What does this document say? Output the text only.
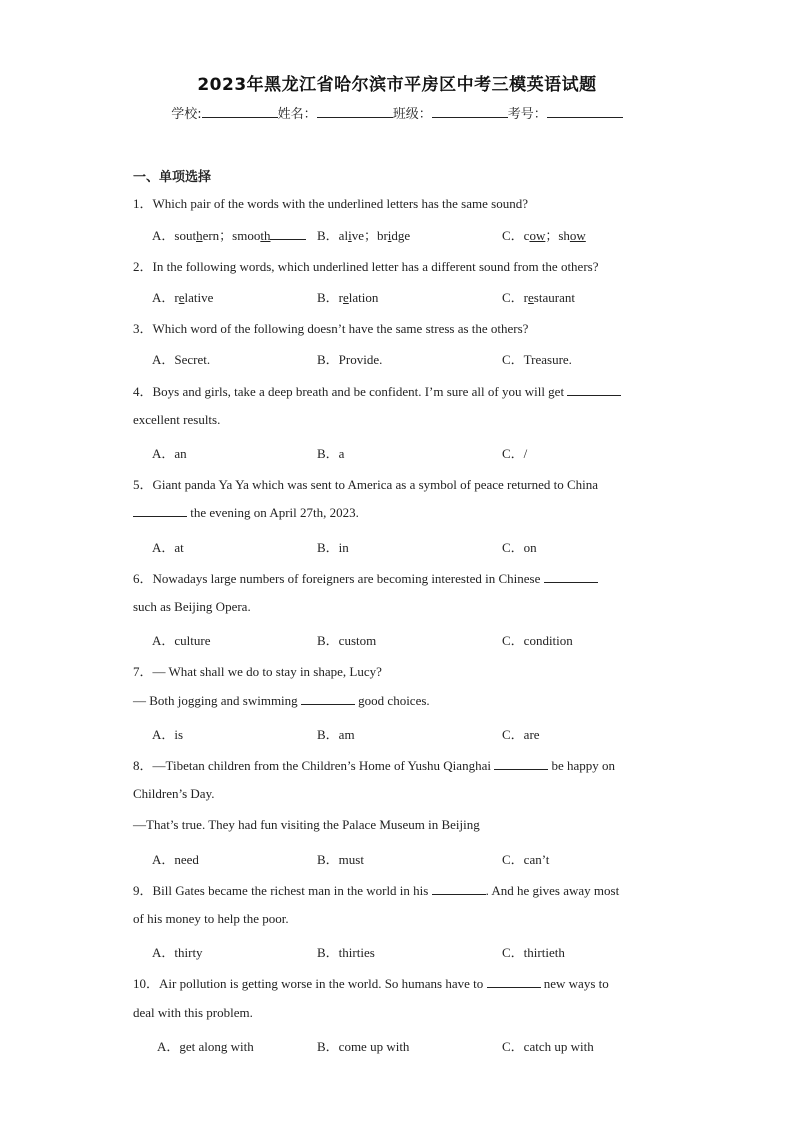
2023年黑龙江省哈尔滨市平房区中考三模英语试题
学校:	姓名：	班级：	考号：
一、单项选择
1．Which pair of the words with the underlined letters has the same sound?
A．southern；smooth	B．alive；bridge	C．cow；show
2．In the following words, which underlined letter has a different sound from the others?
A．relative	B．relation	C．restaurant
3．Which word of the following doesn’t have the same stress as the others?
A．Secret.	B．Provide.	C．Treasure.
4．Boys and girls, take a deep breath and be confident. I’m sure all of you will get
excellent results.
A．an	B．a	C．/
5．Giant panda Ya Ya which was sent to America as a symbol of peace returned to China
the evening on April 27th, 2023.
A．at	B．in	C．on
6．Nowadays large numbers of foreigners are becoming interested in Chinese
such as Beijing Opera.
A．culture	B．custom	C．condition
7．— What shall we do to stay in shape, Lucy?
— Both jogging and swimming	good choices.
A．is	B．am	C．are
8．—Tibetan children from the Children’s Home of Yushu Qianghai	be happy on
Children’s Day.
—That’s true. They had fun visiting the Palace Museum in Beijing
A．need	B．must	C．can’t
9．Bill Gates became the richest man in the world in his	. And he gives away most
of his money to help the poor.
A．thirty	B．thirties	C．thirtieth
10．Air pollution is getting worse in the world. So humans have to	new ways to
deal with this problem.
A．get along with	B．come up with	C．catch up with
